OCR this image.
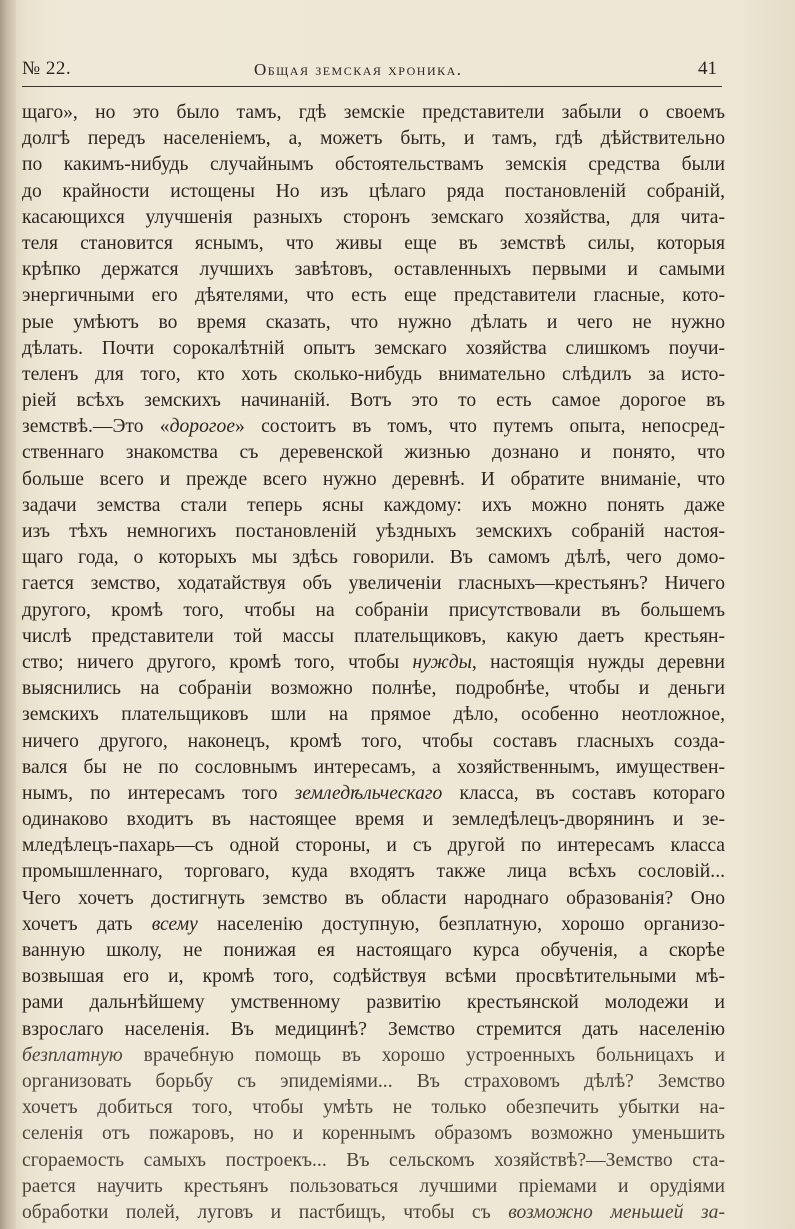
№ 22.	Общая земская хроника.	41
щаго», но это было тамъ, гдѣ земскіе представители забыли о своемъ
долгѣ передъ населеніемъ, а, можетъ быть, и тамъ, гдѣ дѣйствительно
по какимъ-нибудь случайнымъ обстоятельствамъ земскія средства были
до крайности истощены Но изъ цѣлаго ряда постановленій собраній,
касающихся улучшенія разныхъ сторонъ земскаго хозяйства, для чита-
теля становится яснымъ, что живы еще въ земствѣ силы, которыя
крѣпко держатся лучшихъ завѣтовъ, оставленныхъ первыми и самыми
энергичными его дѣятелями, что есть еще представители гласные, кото-
рые умѣютъ во время сказать, что нужно дѣлать и чего не нужно
дѣлать. Почти сорокалѣтній опытъ земскаго хозяйства слишкомъ поучи-
теленъ для того, кто хоть сколько-нибудь внимательно слѣдилъ за исто-
ріей всѣхъ земскихъ начинаній. Вотъ это то есть самое дорогое въ
земствѣ.—Это «дорогое» состоитъ въ томъ, что путемъ опыта, непосред-
ственнаго знакомства съ деревенской жизнью дознано и понято, что
больше всего и прежде всего нужно деревнѣ. И обратите вниманіе, что
задачи земства стали теперь ясны каждому: ихъ можно понять даже
изъ тѣхъ немногихъ постановленій уѣздныхъ земскихъ собраній настоя-
щаго года, о которыхъ мы здѣсь говорили. Въ самомъ дѣлѣ, чего домо-
гается земство, ходатайствуя объ увеличеніи гласныхъ—крестьянъ? Ничего
другого, кромѣ того, чтобы на собраніи присутствовали въ большемъ
числѣ представители той массы плательщиковъ, какую даетъ крестьян-
ство; ничего другого, кромѣ того, чтобы нужды, настоящія нужды деревни
выяснились на собраніи возможно полнѣе, подробнѣе, чтобы и деньги
земскихъ плательщиковъ шли на прямое дѣло, особенно неотложное,
ничего другого, наконецъ, кромѣ того, чтобы составъ гласныхъ созда-
вался бы не по сословнымъ интересамъ, а хозяйственнымъ, имуществен-
нымъ, по интересамъ того земледѣльческаго класса, въ составъ котораго
одинаково входитъ въ настоящее время и земледѣлецъ-дворянинъ и зе-
мледѣлецъ-пахарь—съ одной стороны, и съ другой по интересамъ класса
промышленнаго, торговаго, куда входятъ также лица всѣхъ сословій...
Чего хочетъ достигнуть земство въ области народнаго образованія? Оно
хочетъ дать всему населенію доступную, безплатную, хорошо организо-
ванную школу, не понижая ея настоящаго курса обученія, а скорѣе
возвышая его и, кромѣ того, содѣйствуя всѣми просвѣтительными мѣ-
рами дальнѣйшему умственному развитію крестьянской молодежи и
взрослаго населенія. Въ медицинѣ? Земство стремится дать населенію
безплатную врачебную помощь въ хорошо устроенныхъ больницахъ и
организовать борьбу съ эпидеміями... Въ страховомъ дѣлѣ? Земство
хочетъ добиться того, чтобы умѣть не только обезпечить убытки на-
селенія отъ пожаровъ, но и кореннымъ образомъ возможно уменьшить
сгораемость самыхъ построекъ... Въ сельскомъ хозяйствѣ?—Земство ста-
рается научить крестьянъ пользоваться лучшими пріемами и орудіями
обработки полей, луговъ и пастбищъ, чтобы съ возможно меньшей за-
